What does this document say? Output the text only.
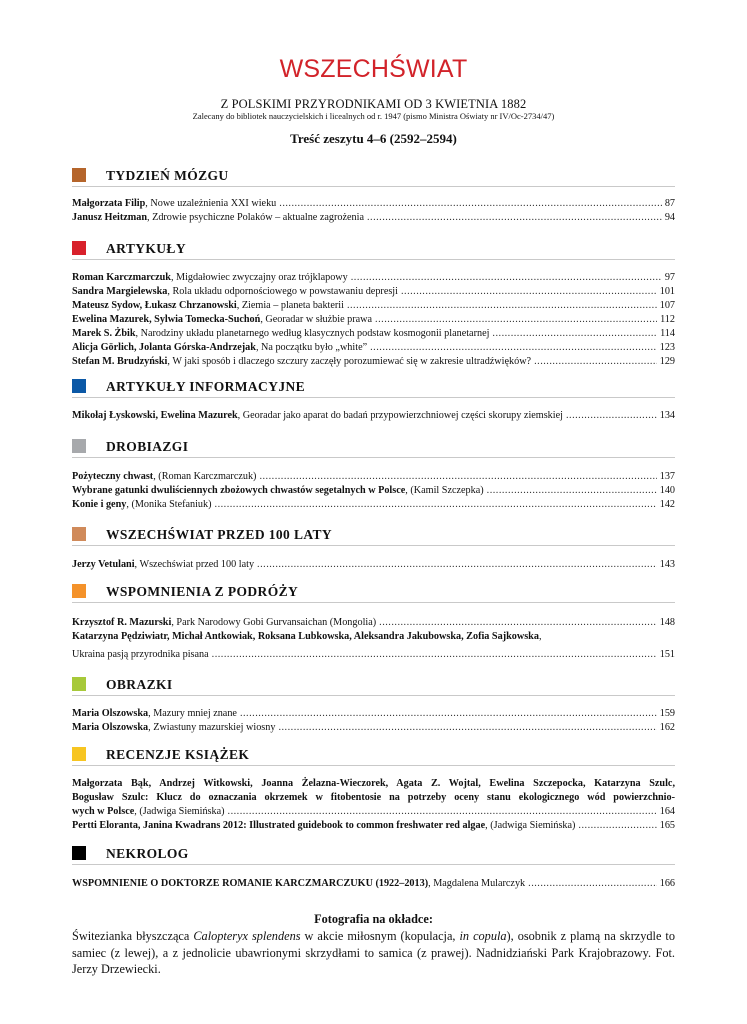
WSZECHŚWIAT
Z POLSKIMI PRZYRODNIKAMI OD 3 KWIETNIA 1882
Zalecany do bibliotek nauczycielskich i licealnych od r. 1947 (pismo Ministra Oświaty nr IV/Oc-2734/47)
Treść zeszytu 4–6 (2592–2594)
TYDZIEŃ MÓZGU
Małgorzata Filip, Nowe uzależnienia XXI wieku .....	87
Janusz Heitzman, Zdrowie psychiczne Polaków – aktualne zagrożenia .....	94
ARTYKUŁY
Roman Karczmarczuk, Migdałowiec zwyczajny oraz trójklapowy .....	97
Sandra Margielewska, Rola układu odpornościowego w powstawaniu depresji .....	101
Mateusz Sydow, Łukasz Chrzanowski, Ziemia – planeta bakterii .....	107
Ewelina Mazurek, Sylwia Tomecka-Suchoń, Georadar w służbie prawa .....	112
Marek S. Żbik, Narodziny układu planetarnego według klasycznych podstaw kosmogonii planetarnej .....	114
Alicja Görlich, Jolanta Górska-Andrzejak, Na początku było „white” .....	123
Stefan M. Brudzyński, W jaki sposób i dlaczego szczury zaczęły porozumiewać się w zakresie ultradźwięków? .....	129
ARTYKUŁY INFORMACYJNE
Mikołaj Łyskowski, Ewelina Mazurek, Georadar jako aparat do badań przypowierzchniowej części skorupy ziemskiej .....	134
DROBIAZGI
Pożyteczny chwast, (Roman Karczmarczuk) .....	137
Wybrane gatunki dwuliściennych zbożowych chwastów segetalnych w Polsce, (Kamil Szczepka) .....	140
Konie i geny, (Monika Stefaniuk) .....	142
WSZECHŚWIAT PRZED 100 LATY
Jerzy Vetulani, Wszechświat przed 100 laty .....	143
WSPOMNIENIA Z PODRÓŻY
Krzysztof R. Mazurski, Park Narodowy Gobi Gurvansaichan (Mongolia) .....	148
Katarzyna Pędziwiatr, Michał Antkowiak, Roksana Lubkowska, Aleksandra Jakubowska, Zofia Sajkowska,
Ukraina pasją przyrodnika pisana .....	151
OBRAZKI
Maria Olszowska, Mazury mniej znane .....	159
Maria Olszowska, Zwiastuny mazurskiej wiosny .....	162
RECENZJE KSIĄŻEK
Małgorzata Bąk, Andrzej Witkowski, Joanna Żelazna-Wieczorek, Agata Z. Wojtal, Ewelina Szczepocka, Katarzyna Szulc,
Bogusław Szulc: Klucz do oznaczania okrzemek w fitobentosie na potrzeby oceny stanu ekologicznego wód powierzchnio-
wych w Polsce, (Jadwiga Siemińska) .....	164
Pertti Eloranta, Janina Kwadrans 2012: Illustrated guidebook to common freshwater red algae, (Jadwiga Siemińska) .....	165
NEKROLOG
WSPOMNIENIE O DOKTORZE ROMANIE KARCZMARCZUKU (1922–2013), Magdalena Mularczyk .....	166
Fotografia na okładce:
Świtezianka błyszcząca Calopteryx splendens w akcie miłosnym (kopulacja, in copula), osobnik z plamą na skrzydle to samiec (z lewej), a z jednolicie ubawrionymi skrzydłami to samica (z prawej). Nadnidziański Park Krajobrazowy. Fot. Jerzy Drzewiecki.
